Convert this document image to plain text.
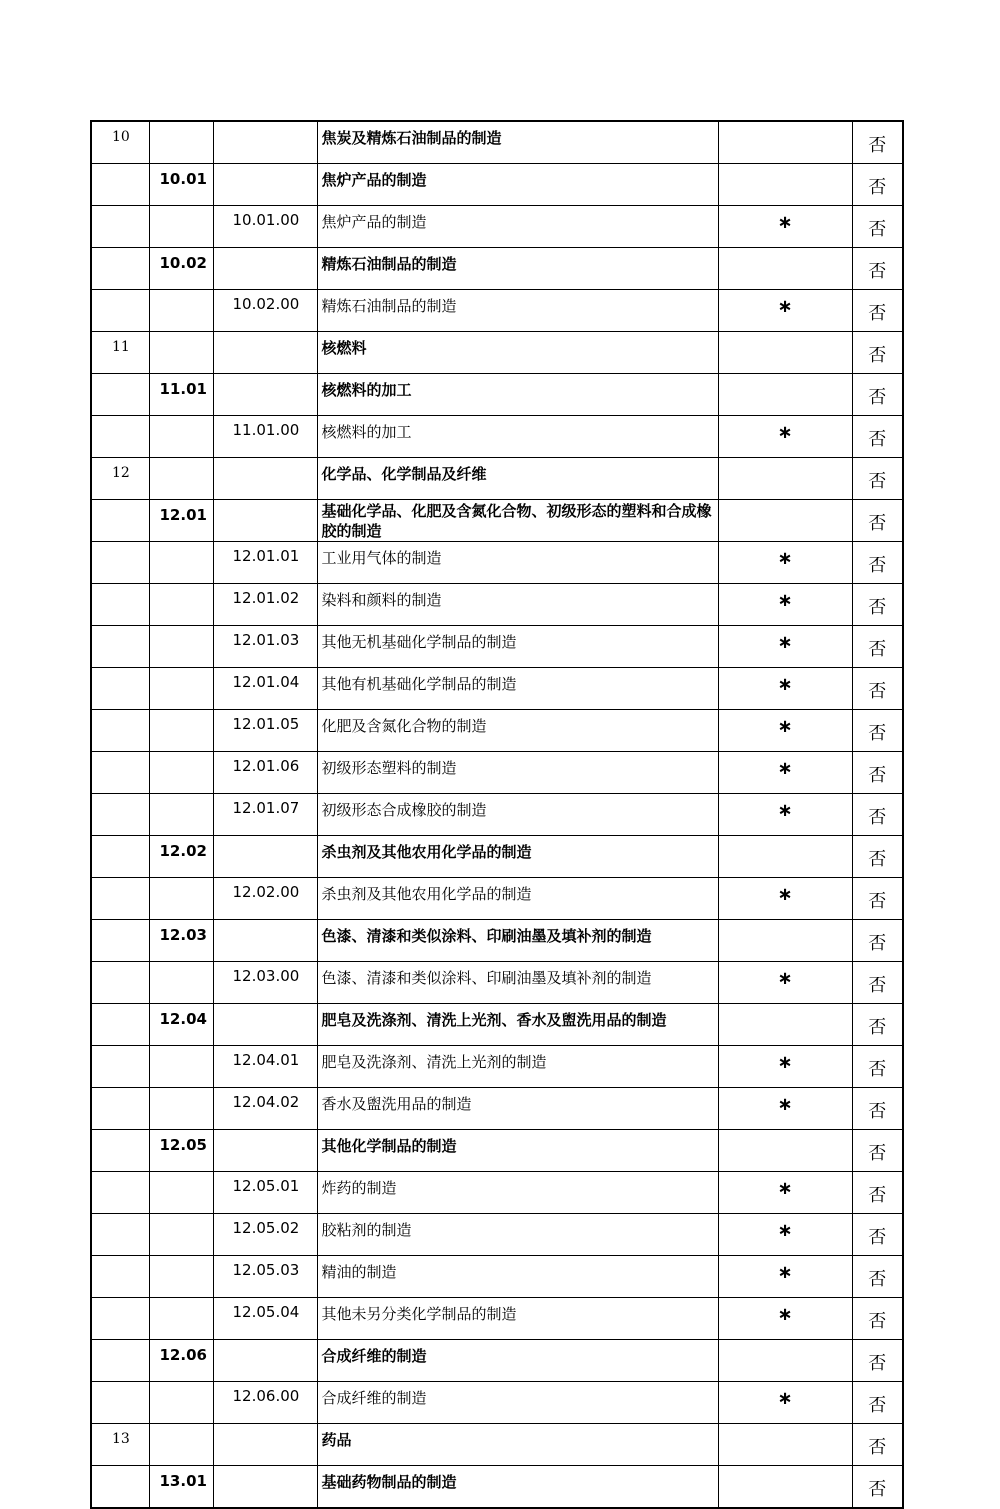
10			焦炭及精炼石油制品的制造		否
	10.01		焦炉产品的制造		否
		10.01.00	焦炉产品的制造	∗	否
	10.02		精炼石油制品的制造		否
		10.02.00	精炼石油制品的制造	∗	否
11			核燃料		否
	11.01		核燃料的加工		否
		11.01.00	核燃料的加工	∗	否
12			化学品、化学制品及纤维		否
	12.01		基础化学品、化肥及含氮化合物、初级形态的塑料和合成橡胶的制造		否
		12.01.01	工业用气体的制造	∗	否
		12.01.02	染料和颜料的制造	∗	否
		12.01.03	其他无机基础化学制品的制造	∗	否
		12.01.04	其他有机基础化学制品的制造	∗	否
		12.01.05	化肥及含氮化合物的制造	∗	否
		12.01.06	初级形态塑料的制造	∗	否
		12.01.07	初级形态合成橡胶的制造	∗	否
	12.02		杀虫剂及其他农用化学品的制造		否
		12.02.00	杀虫剂及其他农用化学品的制造	∗	否
	12.03		色漆、清漆和类似涂料、印刷油墨及填补剂的制造		否
		12.03.00	色漆、清漆和类似涂料、印刷油墨及填补剂的制造	∗	否
	12.04		肥皂及洗涤剂、清洗上光剂、香水及盥洗用品的制造		否
		12.04.01	肥皂及洗涤剂、清洗上光剂的制造	∗	否
		12.04.02	香水及盥洗用品的制造	∗	否
	12.05		其他化学制品的制造		否
		12.05.01	炸药的制造	∗	否
		12.05.02	胶粘剂的制造	∗	否
		12.05.03	精油的制造	∗	否
		12.05.04	其他未另分类化学制品的制造	∗	否
	12.06		合成纤维的制造		否
		12.06.00	合成纤维的制造	∗	否
13			药品		否
	13.01		基础药物制品的制造		否
